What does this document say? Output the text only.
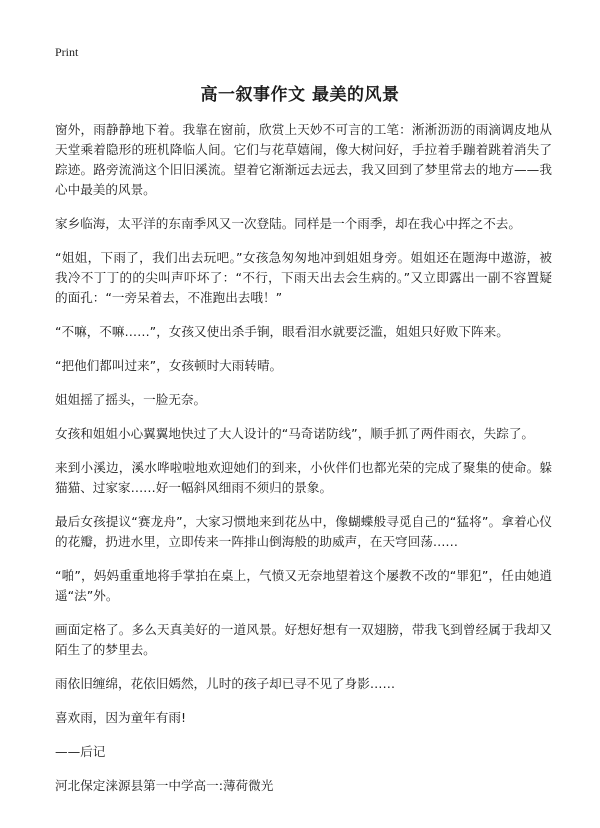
Print
高一叙事作文 最美的风景

窗外，雨静静地下着。我靠在窗前，欣赏上天妙不可言的工笔：淅淅沥沥的雨滴调皮地从天堂乘着隐形的班机降临人间。它们与花草嬉闹，像大树问好，手拉着手蹦着跳着消失了踪迹。路旁流淌这个旧旧溪流。望着它渐渐远去远去，我又回到了梦里常去的地方——我心中最美的风景。

家乡临海，太平洋的东南季风又一次登陆。同样是一个雨季，却在我心中挥之不去。

“姐姐，下雨了，我们出去玩吧。”女孩急匆匆地冲到姐姐身旁。姐姐还在题海中遨游，被我冷不丁丁的的尖叫声吓坏了：“不行，下雨天出去会生病的。”又立即露出一副不容置疑的面孔：“一旁呆着去，不准跑出去哦！”

“不嘛，不嘛……”，女孩又使出杀手锏，眼看泪水就要泛滥，姐姐只好败下阵来。

“把他们都叫过来”，女孩顿时大雨转晴。

姐姐摇了摇头，一脸无奈。

女孩和姐姐小心翼翼地快过了大人设计的“马奇诺防线”，顺手抓了两件雨衣，失踪了。

来到小溪边，溪水哗啦啦地欢迎她们的到来，小伙伴们也都光荣的完成了聚集的使命。躲猫猫、过家家……好一幅斜风细雨不须归的景象。

最后女孩提议“赛龙舟”，大家习惯地来到花丛中，像蝴蝶般寻觅自己的“猛将”。拿着心仪的花瓣，扔进水里，立即传来一阵排山倒海般的助威声，在天穹回荡……

“啪”，妈妈重重地将手掌拍在桌上，气愤又无奈地望着这个屡教不改的“罪犯”，任由她逍遥“法”外。

画面定格了。多么天真美好的一道风景。好想好想有一双翅膀，带我飞到曾经属于我却又陌生了的梦里去。

雨依旧缠绵，花依旧嫣然，儿时的孩子却已寻不见了身影……

喜欢雨，因为童年有雨!

——后记

河北保定涞源县第一中学高一:薄荷微光
